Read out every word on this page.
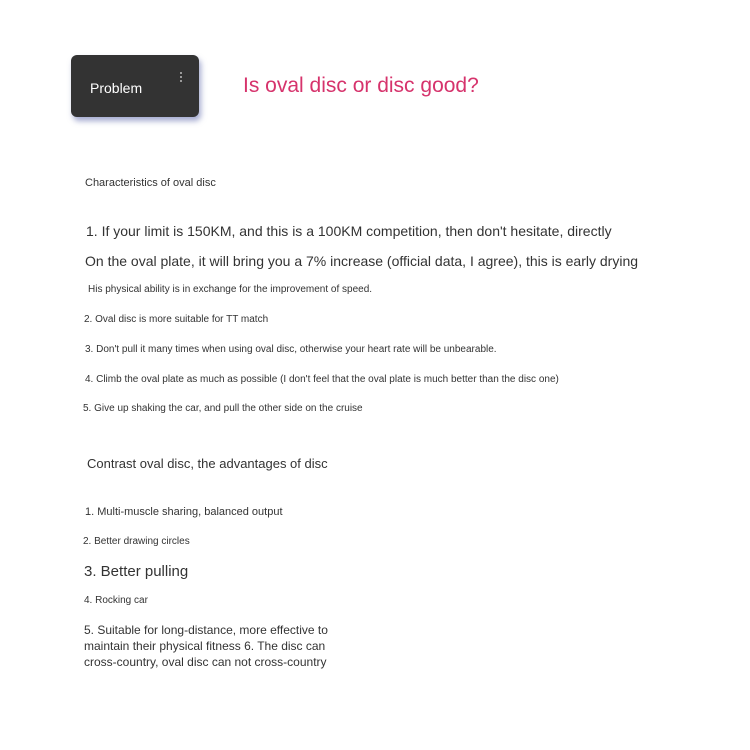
Problem	Is oval disc or disc good?
Characteristics of oval disc
1. If your limit is 150KM, and this is a 100KM competition, then don't hesitate, directly
On the oval plate, it will bring you a 7% increase (official data, I agree), this is early drying
His physical ability is in exchange for the improvement of speed.
2. Oval disc is more suitable for TT match
3. Don't pull it many times when using oval disc, otherwise your heart rate will be unbearable.
4. Climb the oval plate as much as possible (I don't feel that the oval plate is much better than the disc one)
5. Give up shaking the car, and pull the other side on the cruise
Contrast oval disc, the advantages of disc
1. Multi-muscle sharing, balanced output
2. Better drawing circles
3. Better pulling
4. Rocking car
5. Suitable for long-distance, more effective to maintain their physical fitness 6. The disc can cross-country, oval disc can not cross-country
